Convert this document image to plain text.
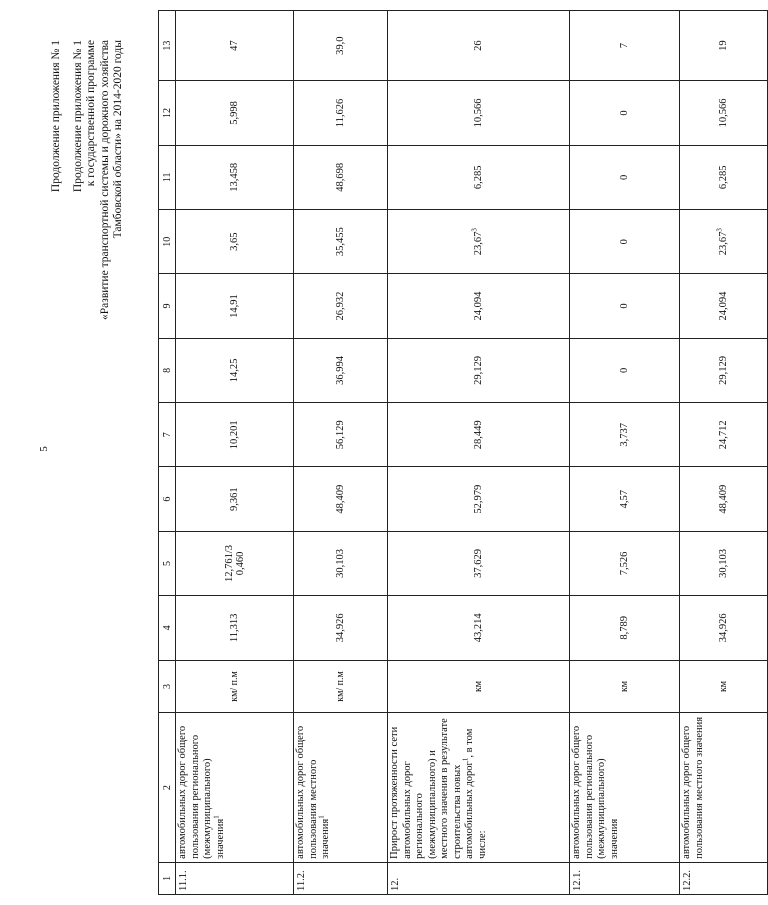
5
Продолжение приложения № 1 Продолжение приложения № 1 к государственной программе «Развитие транспортной системы и дорожного хозяйства Тамбовской области» на 2014-2020 годы
1	2	3	4	5	6	7	8	9	10	11	12	13
11.1.	автомобильных дорог общего пользования регионального (межмуниципального) значения$^1$	км/ п.м	11,313	12,761/3 0,460	9,361	10,201	14,25	14,91	3,65	13,458	5,998	47
11.2.	автомобильных дорог общего пользования местного значения$^1$	км/ п.м	34,926	30,103	48,409	56,129	36,994	26,932	35,455	48,698	11,626	39,0
12.	Прирост протяженности сети автомобильных дорог регионального (межмуниципального) и местного значения в результате строительства новых автомобильных дорог$^1$, в том числе:	км	43,214	37,629	52,979	28,449	29,129	24,094	23,67$^3$	6,285	10,566	26
12.1.	автомобильных дорог общего пользования регионального (межмуниципального) значения	км	8,789	7,526	4,57	3,737	0	0	0	0	0	7
12.2.	автомобильных дорог общего пользования местного значения	км	34,926	30,103	48,409	24,712	29,129	24,094	23,67$^3$	6,285	10,566	19
